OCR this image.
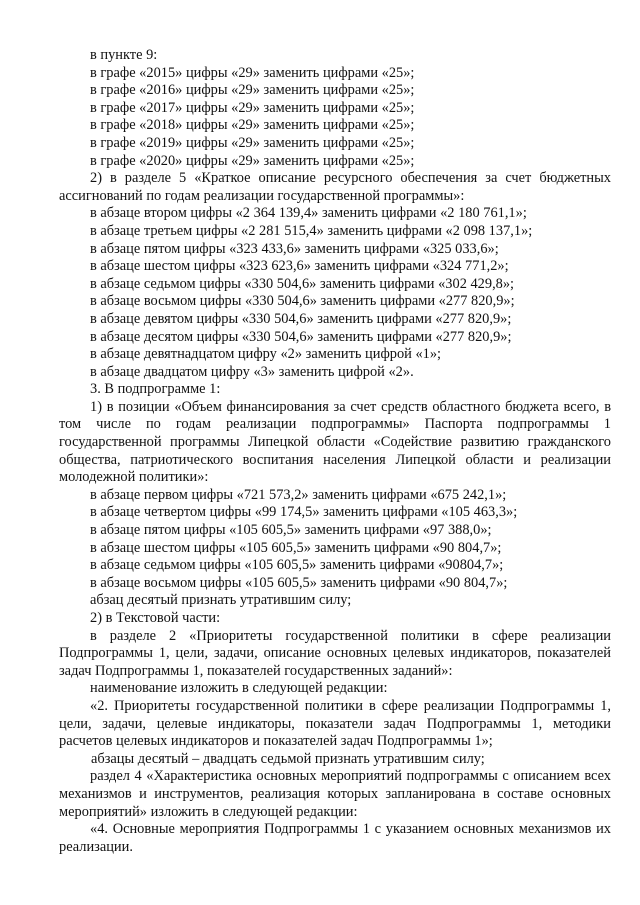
в пункте 9:

в графе «2015» цифры «29» заменить цифрами «25»;

в графе «2016» цифры «29» заменить цифрами «25»;

в графе «2017» цифры «29» заменить цифрами «25»;

в графе «2018» цифры «29» заменить цифрами «25»;

в графе «2019» цифры «29» заменить цифрами «25»;

в графе «2020» цифры «29» заменить цифрами «25»;

2) в разделе 5 «Краткое описание ресурсного обеспечения за счет бюджетных ассигнований по годам реализации государственной программы»:

в абзаце втором цифры «2 364 139,4» заменить цифрами «2 180 761,1»;

в абзаце третьем цифры «2 281 515,4» заменить цифрами «2 098 137,1»;

в абзаце пятом цифры «323 433,6» заменить цифрами «325 033,6»;

в абзаце шестом цифры «323 623,6» заменить цифрами «324 771,2»;

в абзаце седьмом цифры «330 504,6» заменить цифрами «302 429,8»;

в абзаце восьмом цифры «330 504,6» заменить цифрами «277 820,9»;

в абзаце девятом цифры «330 504,6» заменить цифрами «277 820,9»;

в абзаце десятом цифры «330 504,6» заменить цифрами «277 820,9»;

в абзаце девятнадцатом цифру «2» заменить цифрой «1»;

в абзаце двадцатом цифру «3» заменить цифрой «2».

3. В подпрограмме 1:

1) в позиции «Объем финансирования за счет средств областного бюджета всего, в том числе по годам реализации подпрограммы» Паспорта подпрограммы 1 государственной программы Липецкой области «Содействие развитию гражданского общества, патриотического воспитания населения Липецкой области и реализации молодежной политики»:

в абзаце первом цифры «721 573,2» заменить цифрами «675 242,1»;

в абзаце четвертом цифры «99 174,5» заменить цифрами «105 463,3»;

в абзаце пятом цифры «105 605,5» заменить цифрами «97 388,0»;

в абзаце шестом цифры «105 605,5» заменить цифрами «90 804,7»;

в абзаце седьмом цифры «105 605,5» заменить цифрами «90804,7»;

в абзаце восьмом цифры «105 605,5» заменить цифрами «90 804,7»;

абзац десятый признать утратившим силу;

2) в Текстовой части:

в разделе 2 «Приоритеты государственной политики в сфере реализации Подпрограммы 1, цели, задачи, описание основных целевых индикаторов, показателей задач Подпрограммы 1, показателей государственных заданий»:

наименование изложить в следующей редакции:

«2. Приоритеты государственной политики в сфере реализации Подпрограммы 1, цели, задачи, целевые индикаторы, показатели задач Подпрограммы 1, методики расчетов целевых индикаторов и показателей задач Подпрограммы 1»;

абзацы десятый – двадцать седьмой признать утратившим силу;

раздел 4 «Характеристика основных мероприятий подпрограммы с описанием всех механизмов и инструментов, реализация которых запланирована в составе основных мероприятий» изложить в следующей редакции:

«4. Основные мероприятия Подпрограммы 1 с указанием основных механизмов их реализации.
